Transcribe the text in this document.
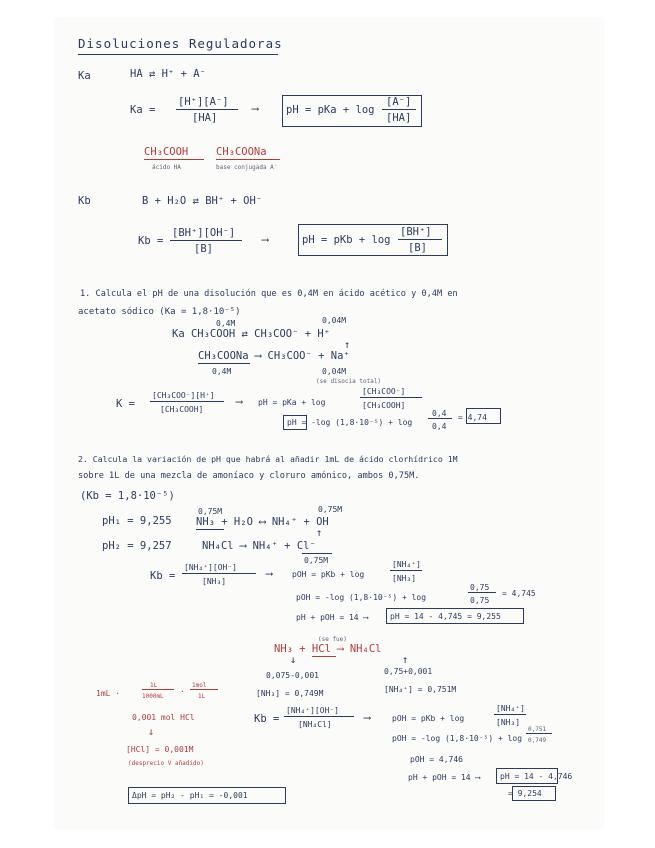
Disoluciones Reguladoras
Ka	HA ⇄ H⁺ + A⁻
Ka =
[H⁺][A⁻]
[HA]
⟶	pH = pKa + log
[A⁻]
[HA]
CH₃COOH
ácido HA
CH₃COONa
base conjugada A⁻
Kb	B + H₂O ⇄ BH⁺ + OH⁻
Kb =
[BH⁺][OH⁻]
[B]
⟶	pH = pKb + log
[BH⁺]
[B]
1. Calcula el pH de una disolución que es 0,4M en ácido acético y 0,4M en
acetato sódico (Ka = 1,8·10⁻⁵)
0,4M	0,04M
Ka CH₃COOH ⇄ CH₃COO⁻ + H⁺
↑
CH₃COONa ⟶ CH₃COO⁻ + Na⁺
0,4M	0,04M
(se disocia total)
K =
[CH₃COO⁻][H⁺]
[CH₃COOH]
⟶ pH = pKa + log
[CH₃COO⁻]
[CH₃COOH]
pH = -log (1,8·10⁻⁵) + log
0,4
0,4
= 4,74
2. Calcula la variación de pH que habrá al añadir 1mL de ácido clorhídrico 1M
sobre 1L de una mezcla de amoníaco y cloruro amónico, ambos 0,75M.
(Kb = 1,8·10⁻⁵)
pH₁ = 9,255
pH₂ = 9,257
0,75M	0,75M
NH₃ + H₂O ⟷ NH₄⁺ + OH
↑
NH₄Cl ⟶ NH₄⁺ + Cl⁻
0,75M
Kb =
[NH₄⁺][OH⁻]
[NH₃]
⟶ pOH = pKb + log
[NH₄⁺]
[NH₃]
pOH = -log (1,8·10⁻⁵) + log
0,75
0,75
= 4,745
pH + pOH = 14 ⟶	pH = 14 - 4,745 = 9,255
(se fue)
NH₃ + HCl ⟶ NH₄Cl
↓	↑
0,075-0,001	0,75+0,001
[NH₃] = 0,749M	[NH₄⁺] = 0,751M
1mL ·
1L
1000mL
·
1mol
1L
0,001 mol HCl
↓
[HCl] = 0,001M
(desprecio V añadido)
Kb =
[NH₄⁺][OH⁻]
[NH₄Cl]
⟶	pOH = pKb + log
[NH₄⁺]
[NH₃]
pOH = -log (1,8·10⁻⁵) + log
0,751
0,749
pOH = 4,746
pH + pOH = 14 ⟶ pH = 14 - 4,746
= 9,254
ΔpH = pH₂ - pH₁ = -0,001
